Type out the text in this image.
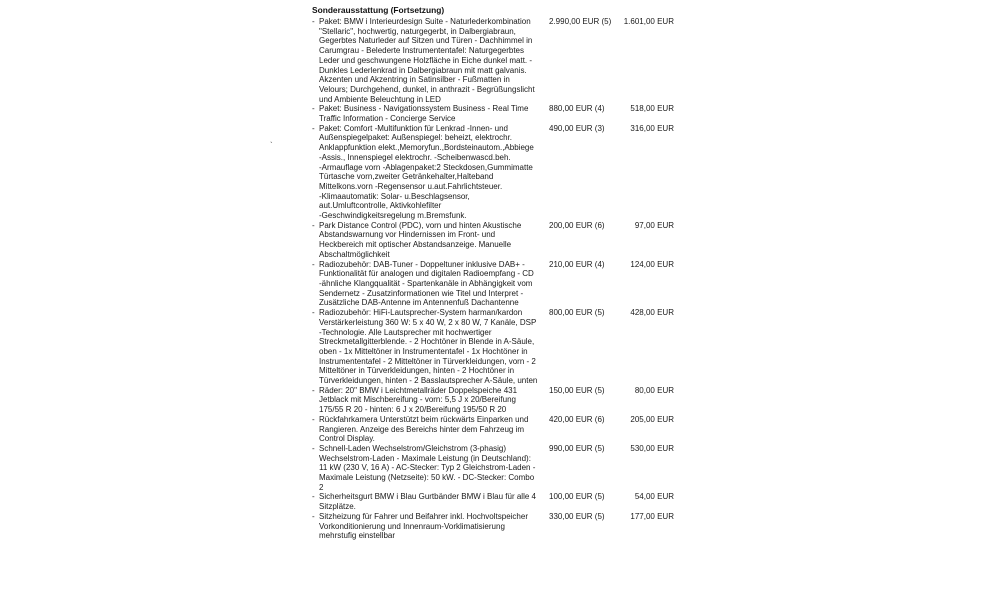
`
Sonderausstattung (Fortsetzung)
- Paket: BMW i Interieurdesign Suite - Naturlederkombination
"Stellaric", hochwertig, naturgegerbt, in Dalbergiabraun,
Gegerbtes Naturleder auf Sitzen und Türen - Dachhimmel in
Carumgrau - Belederte Instrumententafel: Naturgegerbtes
Leder und geschwungene Holzfläche in Eiche dunkel matt. -
Dunkles Lederlenkrad in Dalbergiabraun mit matt galvanis.
Akzenten und Akzentring in Satinsilber - Fußmatten in
Velours; Durchgehend, dunkel, in anthrazit - Begrüßungslicht
und Ambiente Beleuchtung in LED
2.990,00 EUR (5)	1.601,00 EUR
- Paket: Business - Navigationssystem Business - Real Time
Traffic Information - Concierge Service
880,00 EUR (4)	518,00 EUR
- Paket: Comfort -Multifunktion für Lenkrad -Innen- und
Außenspiegelpaket: Außenspiegel: beheizt, elektrochr.
Anklappfunktion elekt.,Memoryfun.,Bordsteinautom.,Abbiege
-Assis., Innenspiegel elektrochr. -Scheibenwascd.beh.
-Armauflage vorn -Ablagenpaket:2 Steckdosen,Gummimatte
Türtasche vorn,zweiter Getränkehalter,Halteband
Mittelkons.vorn -Regensensor u.aut.Fahrlichtsteuer.
-Klimaautomatik: Solar- u.Beschlagsensor,
aut.Umluftcontrolle, Aktivkohlefilter
-Geschwindigkeitsregelung m.Bremsfunk.
490,00 EUR (3)	316,00 EUR
- Park Distance Control (PDC), vorn und hinten Akustische
Abstandswarnung vor Hindernissen im Front- und
Heckbereich mit optischer Abstandsanzeige. Manuelle
Abschaltmöglichkeit
200,00 EUR (6)	97,00 EUR
- Radiozubehör: DAB-Tuner - Doppeltuner inklusive DAB+ -
Funktionalität für analogen und digitalen Radioempfang - CD
-ähnliche Klangqualität - Spartenkanäle in Abhängigkeit vom
Sendernetz - Zusatzinformationen wie Titel und Interpret -
Zusätzliche DAB-Antenne im Antennenfuß Dachantenne
210,00 EUR (4)	124,00 EUR
- Radiozubehör: HiFi-Lautsprecher-System harman/kardon
Verstärkerleistung 360 W: 5 x 40 W, 2 x 80 W, 7 Kanäle, DSP
-Technologie. Alle Lautsprecher mit hochwertiger
Streckmetallgitterblende. - 2 Hochtöner in Blende in A-Säule,
oben - 1x Mitteltöner in Instrumententafel - 1x Hochtöner in
Instrumententafel - 2 Mitteltöner in Türverkleidungen, vorn - 2
Mitteltöner in Türverkleidungen, hinten - 2 Hochtöner in
Türverkleidungen, hinten - 2 Basslautsprecher A-Säule, unten
800,00 EUR (5)	428,00 EUR
- Räder: 20" BMW i Leichtmetallräder Doppelspeiche 431
Jetblack mit Mischbereifung - vorn: 5,5 J x 20/Bereifung
175/55 R 20 - hinten: 6 J x 20/Bereifung 195/50 R 20
150,00 EUR (5)	80,00 EUR
- Rückfahrkamera Unterstützt beim rückwärts Einparken und
Rangieren. Anzeige des Bereichs hinter dem Fahrzeug im
Control Display.
420,00 EUR (6)	205,00 EUR
- Schnell-Laden Wechselstrom/Gleichstrom (3-phasig)
Wechselstrom-Laden - Maximale Leistung (in Deutschland):
11 kW (230 V, 16 A) - AC-Stecker: Typ 2 Gleichstrom-Laden -
Maximale Leistung (Netzseite): 50 kW. - DC-Stecker: Combo
2
990,00 EUR (5)	530,00 EUR
- Sicherheitsgurt BMW i Blau Gurtbänder BMW i Blau für alle 4
Sitzplätze.
100,00 EUR (5)	54,00 EUR
- Sitzheizung für Fahrer und Beifahrer inkl. Hochvoltspeicher
Vorkonditionierung und Innenraum-Vorklimatisierung
mehrstufig einstellbar
330,00 EUR (5)	177,00 EUR
